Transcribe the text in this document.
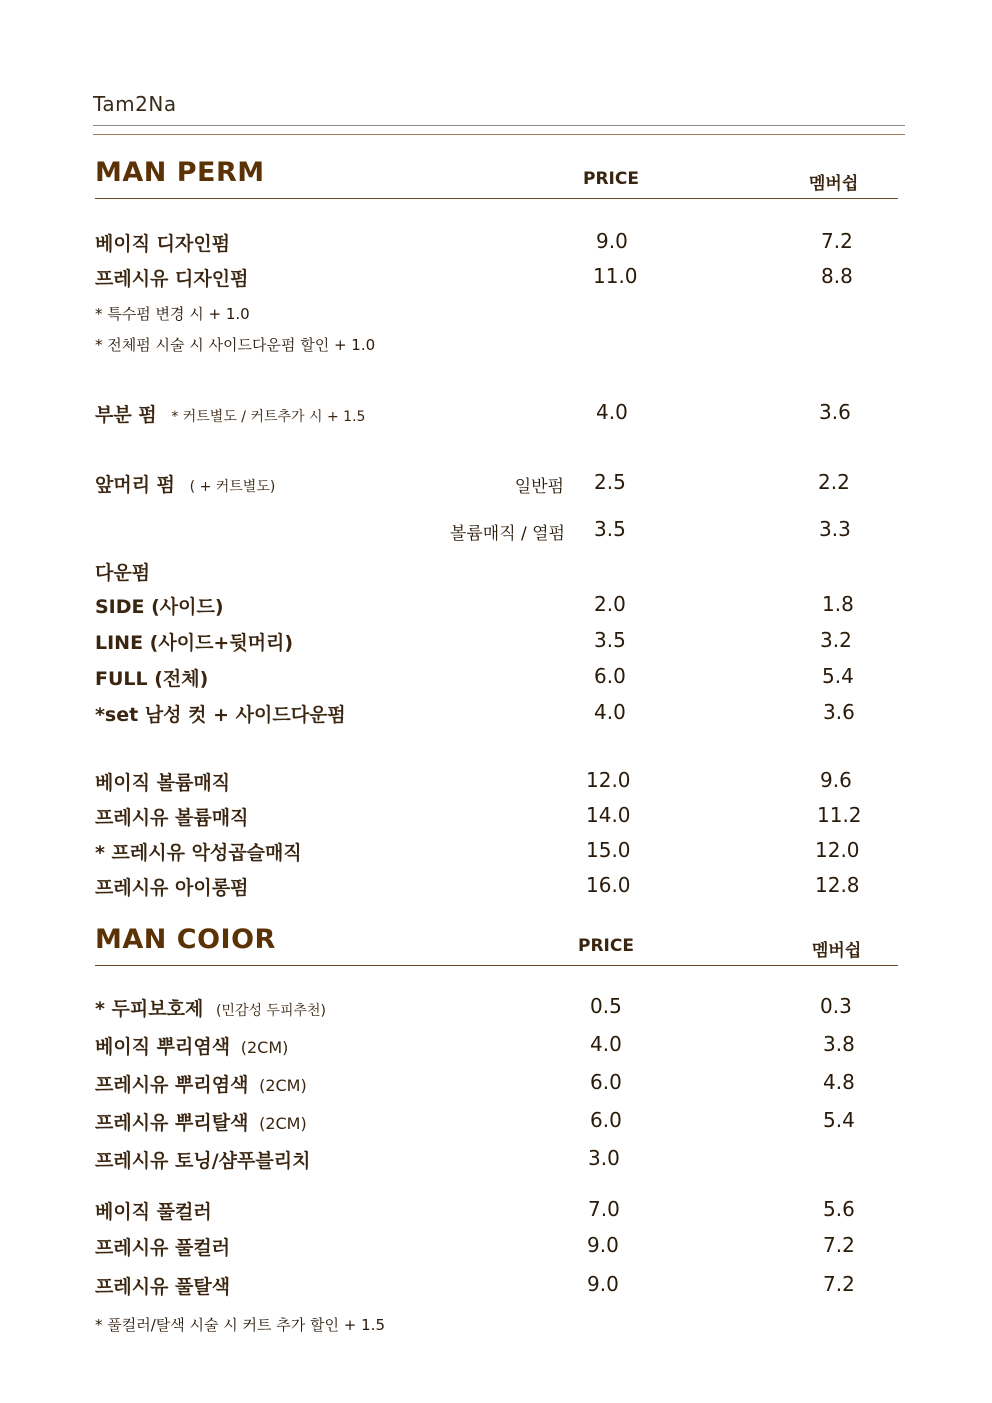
Tam2Na
MAN PERM	PRICE	멤버쉽
베이직 디자인펌	9.0	7.2
프레시유 디자인펌	11.0	8.8
* 특수펌 변경 시 + 1.0
* 전체펌 시술 시 사이드다운펌 할인 + 1.0
부분 펌 * 커트별도 / 커트추가 시 + 1.5	4.0	3.6
앞머리 펌 ( + 커트별도)	일반펌 2.5	2.2
볼륨매직 / 열펌 3.5	3.3
다운펌
SIDE (사이드)	2.0	1.8
LINE (사이드+뒷머리)	3.5	3.2
FULL (전체)	6.0	5.4
*set 남성 컷 + 사이드다운펌	4.0	3.6
베이직 볼륨매직	12.0	9.6
프레시유 볼륨매직	14.0	11.2
* 프레시유 악성곱슬매직	15.0	12.0
프레시유 아이롱펌	16.0	12.8
MAN COIOR	PRICE	멤버쉽
* 두피보호제 (민감성 두피추천)	0.5	0.3
베이직 뿌리염색 (2CM)	4.0	3.8
프레시유 뿌리염색 (2CM)	6.0	4.8
프레시유 뿌리탈색 (2CM)	6.0	5.4
프레시유 토닝/샴푸블리치	3.0
베이직 풀컬러	7.0	5.6
프레시유 풀컬러	9.0	7.2
프레시유 풀탈색	9.0	7.2
* 풀컬러/탈색 시술 시 커트 추가 할인 + 1.5
